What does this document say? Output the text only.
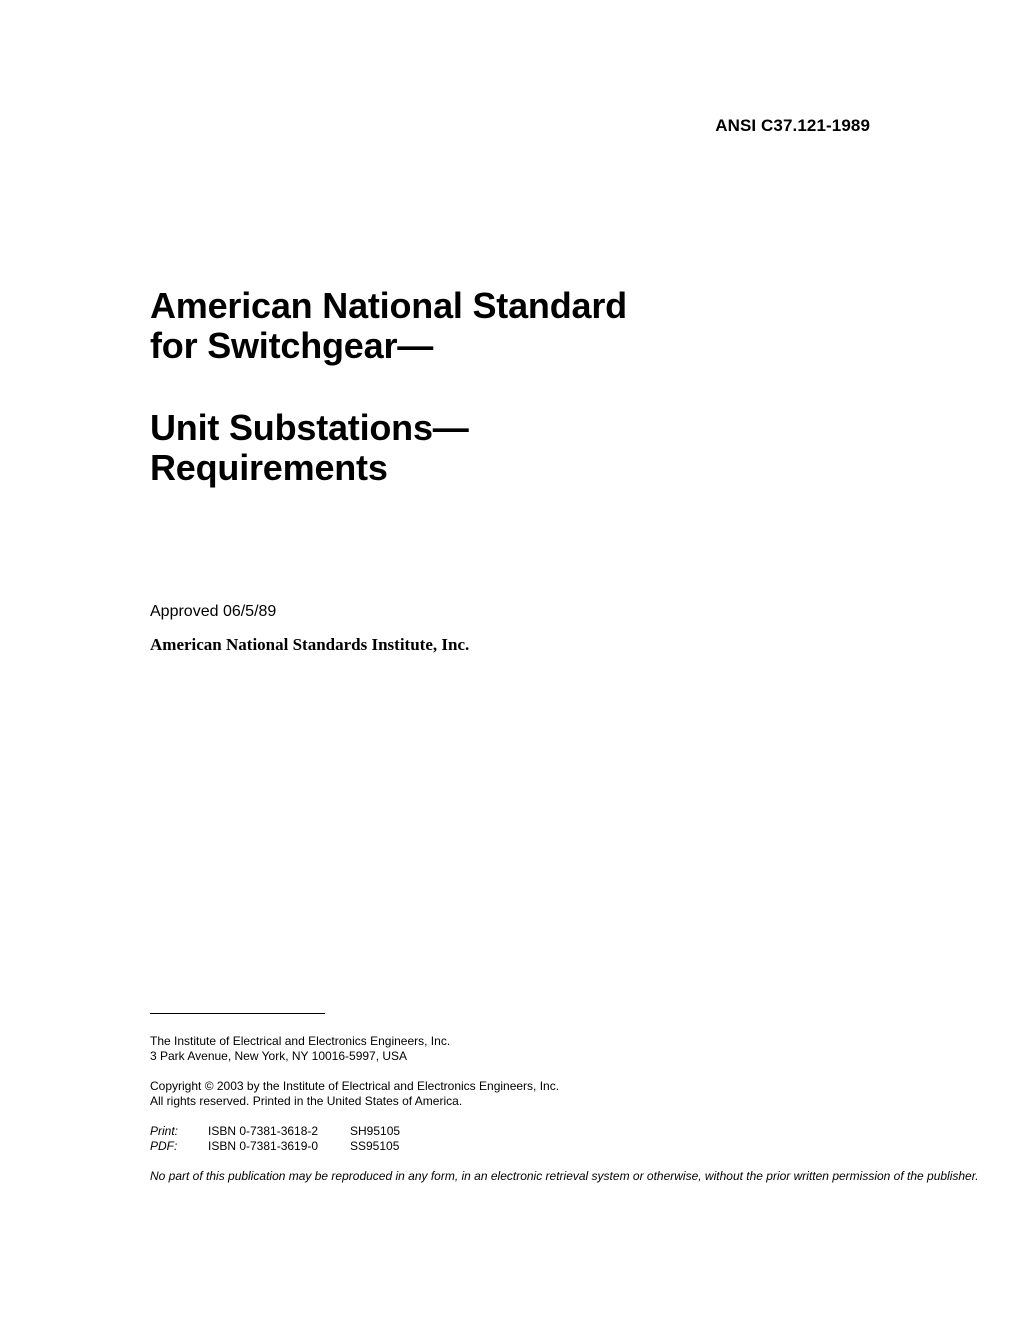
ANSI C37.121-1989
American National Standard
for Switchgear—
Unit Substations—
Requirements
Approved 06/5/89
American National Standards Institute, Inc.
The Institute of Electrical and Electronics Engineers, Inc.
3 Park Avenue, New York, NY 10016-5997, USA
Copyright © 2003 by the Institute of Electrical and Electronics Engineers, Inc.
All rights reserved. Printed in the United States of America.
Print:	ISBN 0-7381-3618-2	SH95105
PDF:	ISBN 0-7381-3619-0	SS95105
No part of this publication may be reproduced in any form, in an electronic retrieval system or otherwise, without the prior written permission of the publisher.
